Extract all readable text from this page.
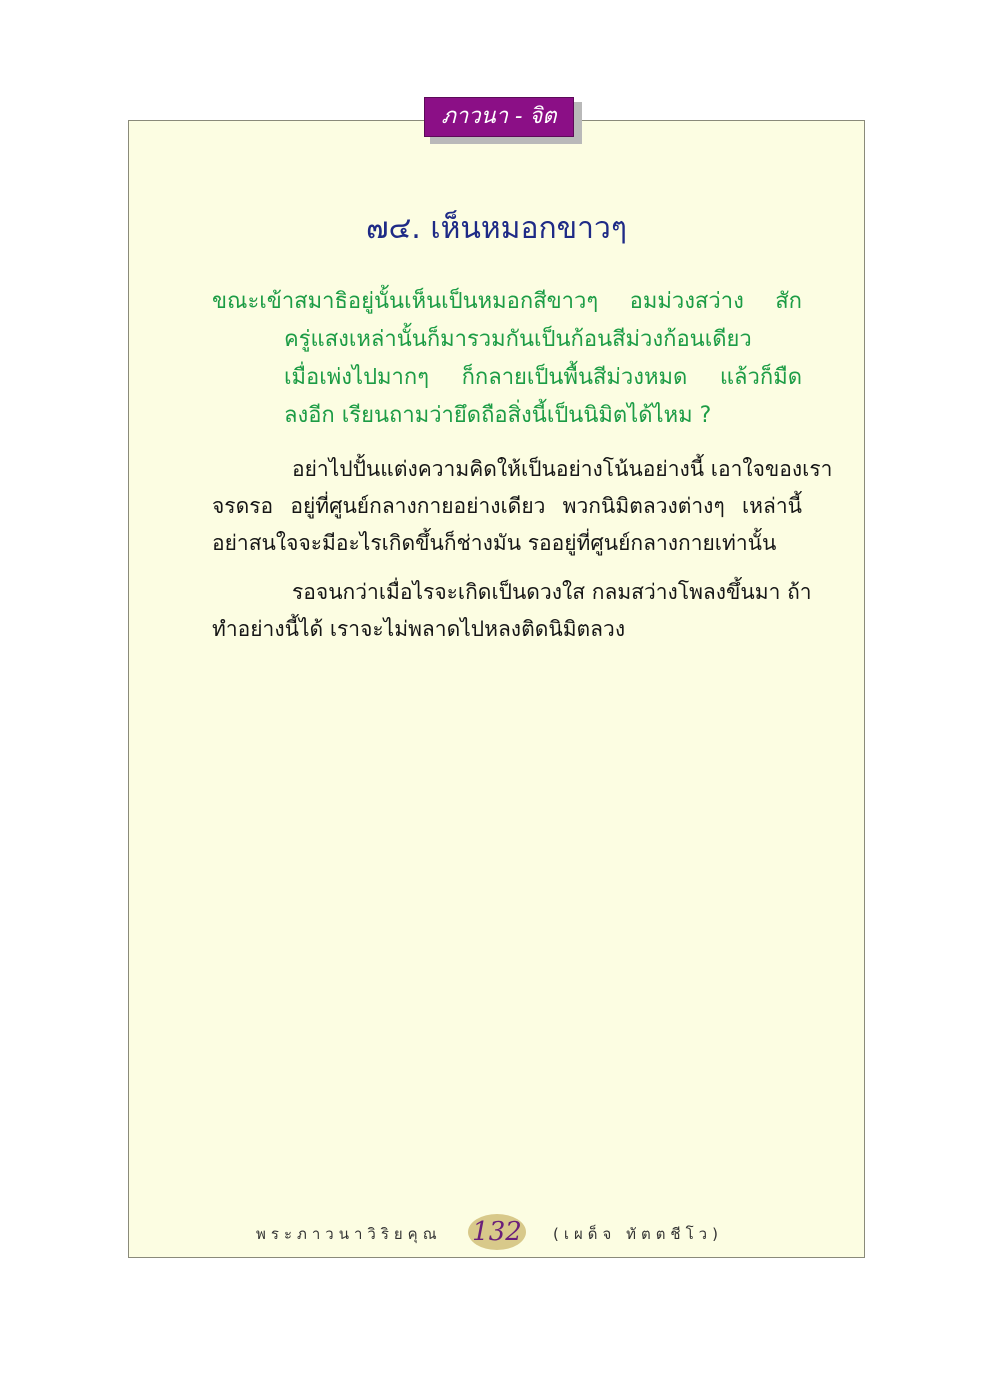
ภาวนา - จิต
๗๔. เห็นหมอกขาวๆ
ขณะเข้าสมาธิอยู่นั้นเห็นเป็นหมอกสีขาวๆ อมม่วงสว่าง สัก
ครู่แสงเหล่านั้นก็มารวมกันเป็นก้อนสีม่วงก้อนเดียว
เมื่อเพ่งไปมากๆ ก็กลายเป็นพื้นสีม่วงหมด แล้วก็มืด
ลงอีก เรียนถามว่ายึดถือสิ่งนี้เป็นนิมิตได้ไหม ?
อย่าไปปั้นแต่งความคิดให้เป็นอย่างโน้นอย่างนี้ เอาใจของเรา
จรดรอ อยู่ที่ศูนย์กลางกายอย่างเดียว พวกนิมิตลวงต่างๆ เหล่านี้
อย่าสนใจจะมีอะไรเกิดขึ้นก็ช่างมัน รออยู่ที่ศูนย์กลางกายเท่านั้น
รอจนกว่าเมื่อไรจะเกิดเป็นดวงใส กลมสว่างโพลงขึ้นมา ถ้า
ทำอย่างนี้ได้ เราจะไม่พลาดไปหลงติดนิมิตลวง
พระภาวนาวิริยคุณ 132 (เผด็จ ทัตตชีโว)
